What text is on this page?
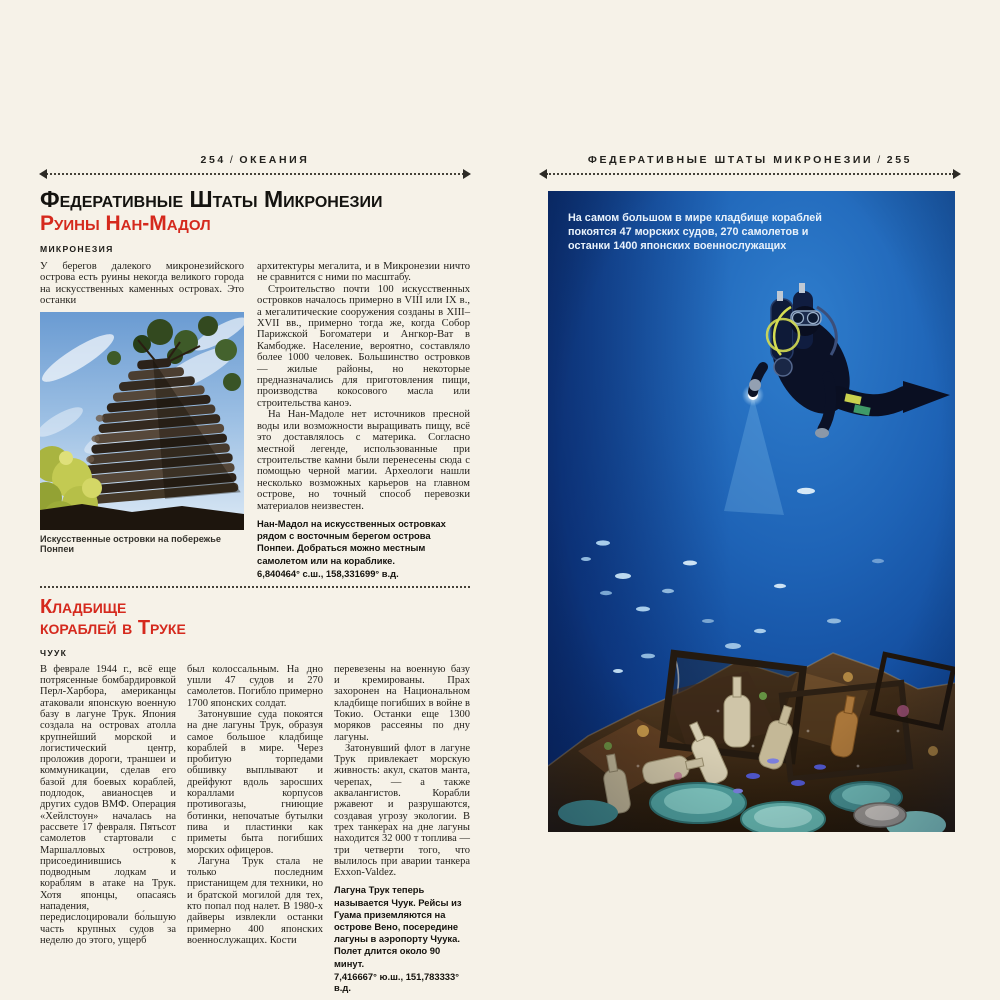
254 / ОКЕАНИЯ
Федеративные Штаты Микронезии
Руины Нан-Мадол
МИКРОНЕЗИЯ

У берегов далекого микронезийского острова есть руины некогда великого города на искусственных каменных островах. Это останки

Искусственные островки на побережье Понпеи

архитектуры мегалита, и в Микронезии ничто не сравнится с ними по масштабу.

Строительство почти 100 искусственных островков началось примерно в VIII или IX в., а мегалитические сооружения созданы в XIII–XVII вв., примерно тогда же, когда Собор Парижской Богоматери и Ангкор-Ват в Камбодже. Население, вероятно, составляло более 1000 человек. Большинство островков — жилые районы, но некоторые предназначались для приготовления пищи, производства кокосового масла или строительства каноэ.

На Нан-Мадоле нет источников пресной воды или возможности выращивать пищу, всё это доставлялось с материка. Согласно местной легенде, использованные при строительстве камни были перенесены сюда с помощью черной магии. Археологи нашли несколько возможных карьеров на главном острове, но точный способ перевозки материалов неизвестен.

Нан-Мадол на искусственных островках рядом с восточным берегом острова Понпеи. Добраться можно местным самолетом или на кораблике.
6,840464° с.ш., 158,331699° в.д.
Кладбище
кораблей в Труке
ЧУУК

В феврале 1944 г., всё еще потрясенные бомбардировкой Перл-Харбора, американцы атаковали японскую военную базу в лагуне Трук. Япония создала на островах атолла крупнейший морской и логистический центр, проложив дороги, траншеи и коммуникации, сделав его базой для боевых кораблей, подлодок, авианосцев и других судов ВМФ. Операция «Хейлстоун» началась на рассвете 17 февраля. Пятьсот самолетов стартовали с Маршалловых островов, присоединившись к подводным лодкам и кораблям в атаке на Трук. Хотя японцы, опасаясь нападения, передислоцировали бо́льшую часть крупных судов за неделю до этого, ущерб

был колоссальным. На дно ушли 47 судов и 270 самолетов. Погибло примерно 1700 японских солдат.

Затонувшие суда покоятся на дне лагуны Трук, образуя самое большое кладбище кораблей в мире. Через пробитую торпедами обшивку выплывают и дрейфуют вдоль заросших кораллами корпусов противогазы, гниющие ботинки, непочатые бутылки пива и пластинки как приметы быта погибших морских офицеров.

Лагуна Трук стала не только последним пристанищем для техники, но и братской могилой для тех, кто попал под налет. В 1980-х дайверы извлекли останки примерно 400 японских военнослужащих. Кости

перевезены на военную базу и кремированы. Прах захоронен на Национальном кладбище погибших в войне в Токио. Останки еще 1300 моряков рассеяны по дну лагуны.

Затонувший флот в лагуне Трук привлекает морскую живность: акул, скатов манта, черепах, — а также аквалангистов. Корабли ржавеют и разрушаются, создавая угрозу экологии. В трех танкерах на дне лагуны находится 32 000 т топлива — три четверти того, что вылилось при аварии танкера Exxon-Valdez.

Лагуна Трук теперь называется Чуук. Рейсы из Гуама приземляются на острове Вено, посередине лагуны в аэропорту Чуука. Полет длится около 90 минут.
7,416667° ю.ш., 151,783333° в.д.
ФЕДЕРАТИВНЫЕ ШТАТЫ МИКРОНЕЗИИ / 255
На самом большом в мире кладбище кораблей покоятся 47 морских судов, 270 самолетов и останки 1400 японских военнослужащих
